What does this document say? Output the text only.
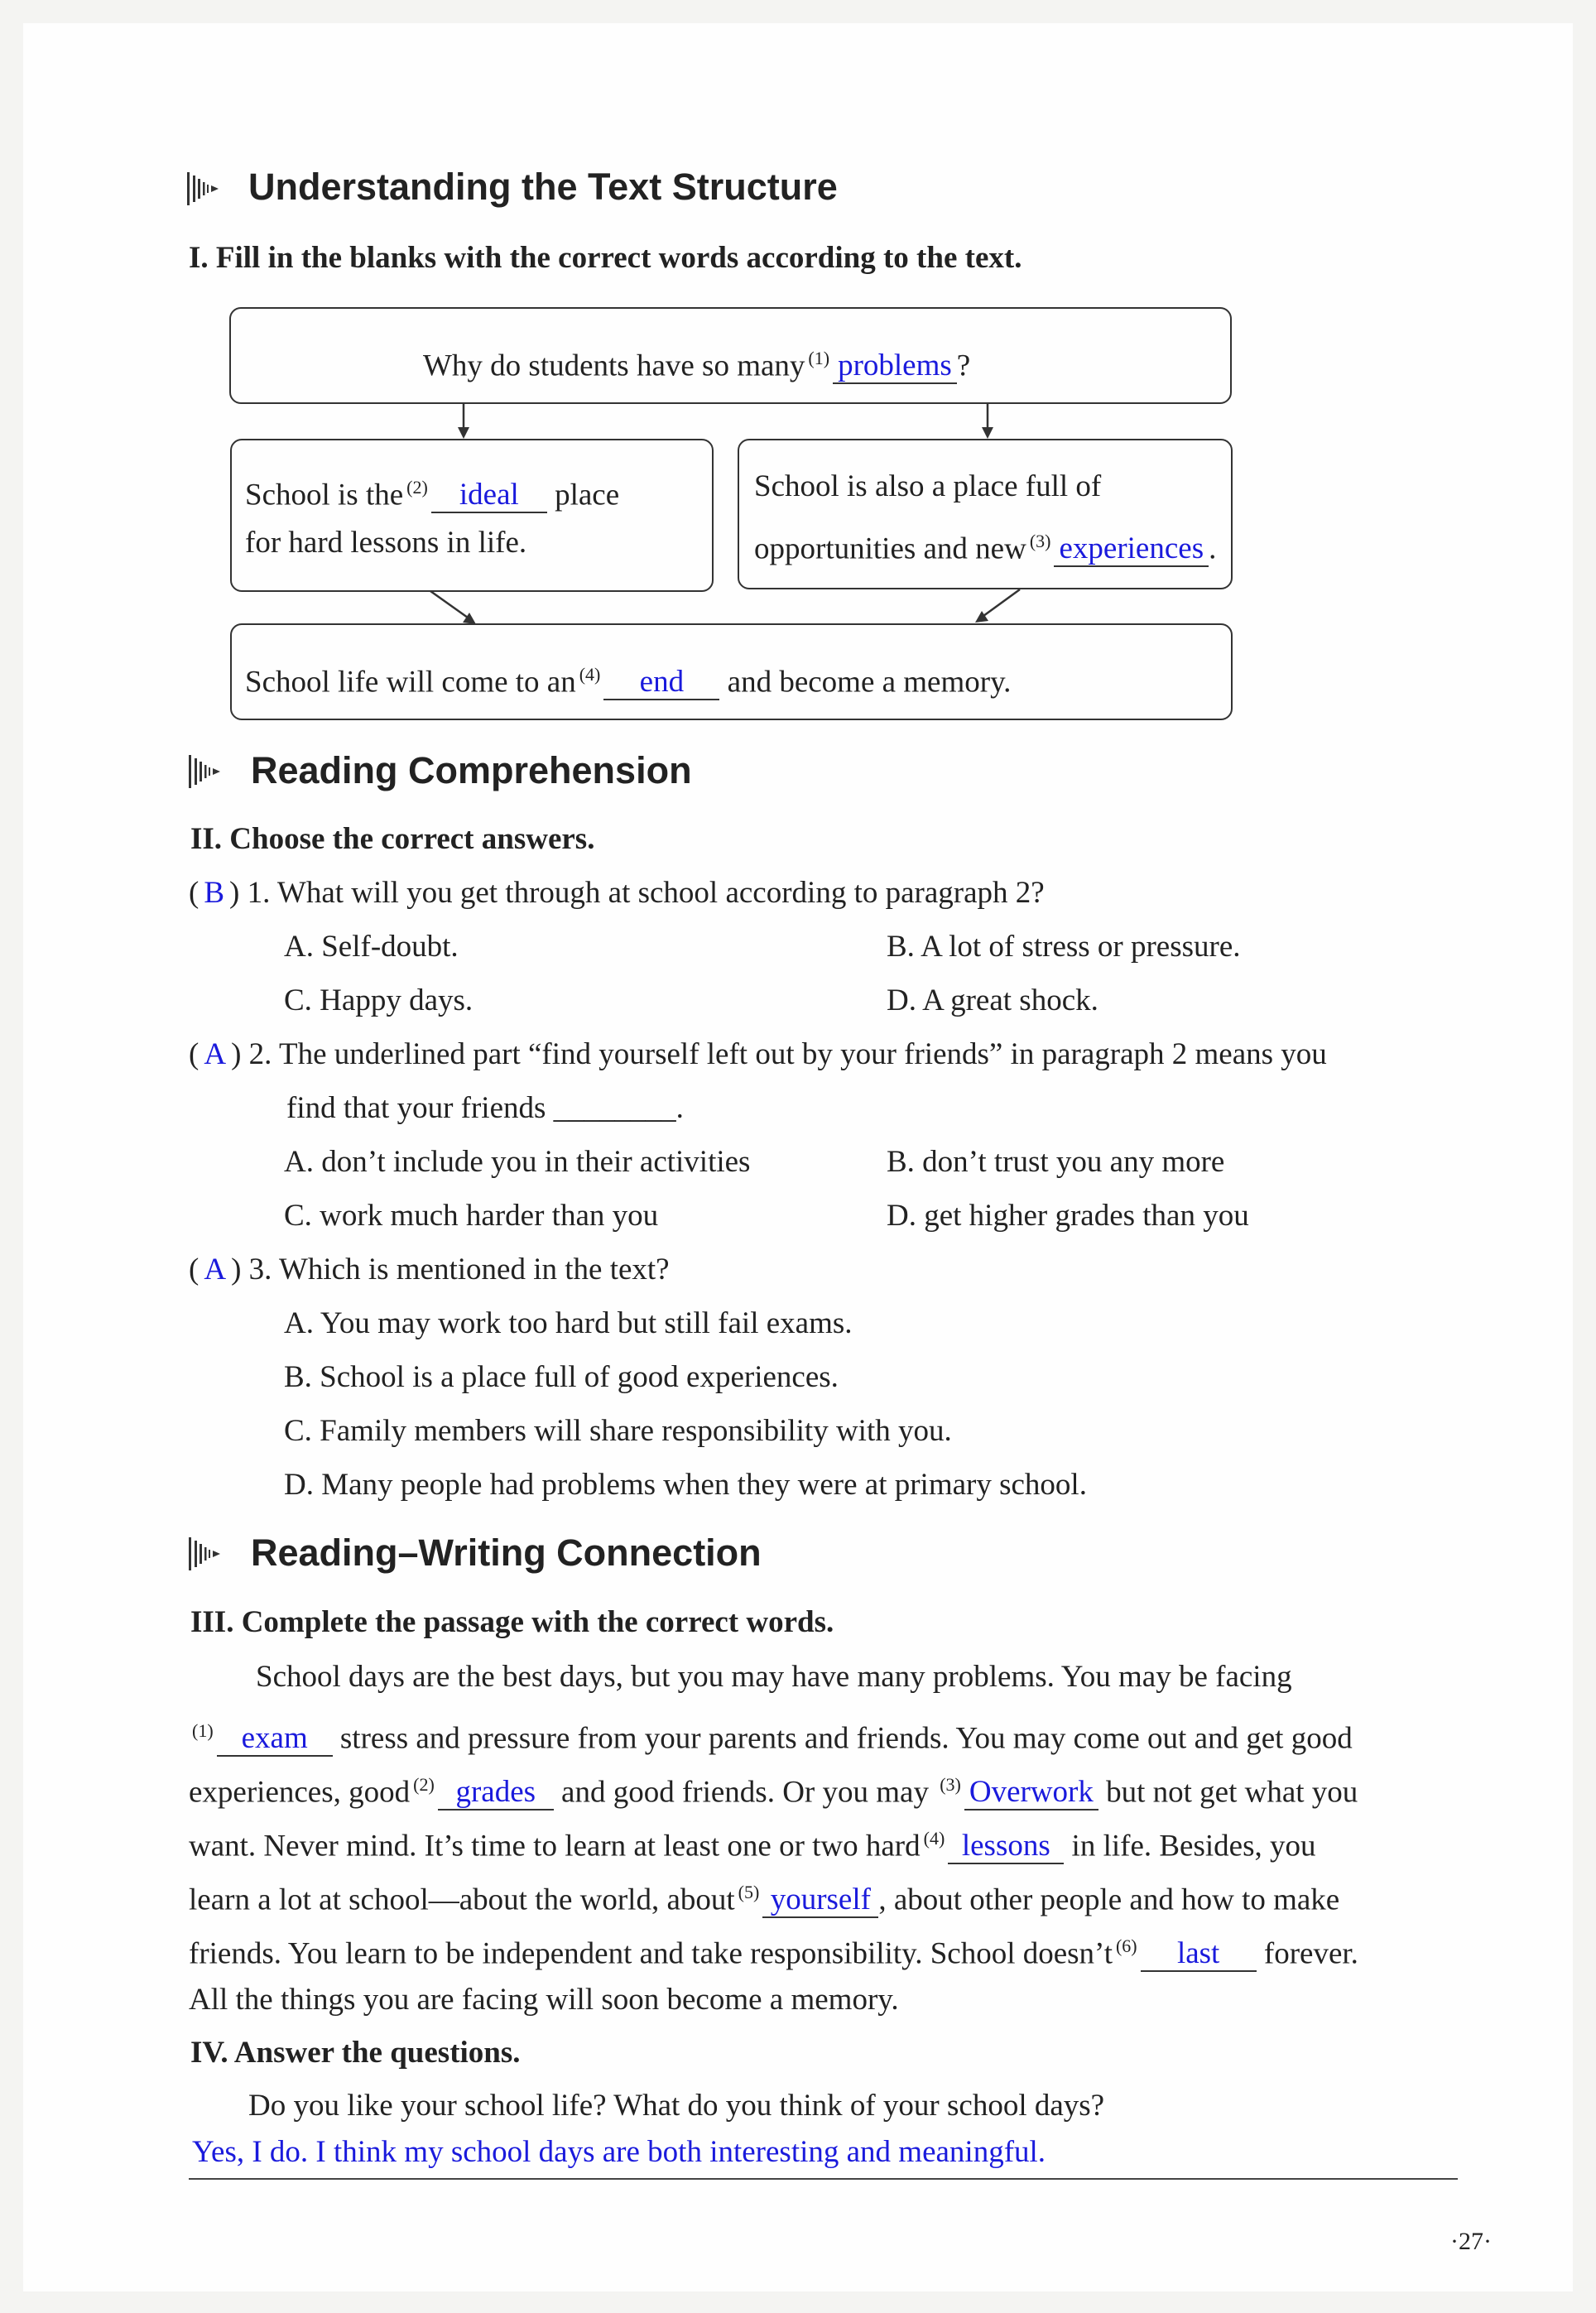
Understanding the Text Structure
I. Fill in the blanks with the correct words according to the text.
Why do students have so many $^{(1)}$ problems ?
School is the $^{(2)}$ ideal place
for hard lessons in life.
School is also a place full of
opportunities and new $^{(3)}$ experiences .
School life will come to an $^{(4)}$ end and become a memory.
Reading Comprehension
II. Choose the correct answers.
( B ) 1. What will you get through at school according to paragraph 2?
A. Self-doubt.	B. A lot of stress or pressure.
C. Happy days.	D. A great shock.
( A ) 2. The underlined part “find yourself left out by your friends” in paragraph 2 means you
find that your friends ________.
A. don’t include you in their activities	B. don’t trust you any more
C. work much harder than you	D. get higher grades than you
( A ) 3. Which is mentioned in the text?
A. You may work too hard but still fail exams.
B. School is a place full of good experiences.
C. Family members will share responsibility with you.
D. Many people had problems when they were at primary school.
Reading–Writing Connection
III. Complete the passage with the correct words.
School days are the best days, but you may have many problems. You may be facing
$^{(1)}$ exam stress and pressure from your parents and friends. You may come out and get good
experiences, good $^{(2)}$ grades and good friends. Or you may $^{(3)}$ Overwork but not get what you
want. Never mind. It’s time to learn at least one or two hard $^{(4)}$ lessons in life. Besides, you
learn a lot at school—about the world, about $^{(5)}$ yourself , about other people and how to make
friends. You learn to be independent and take responsibility. School doesn’t $^{(6)}$ last forever.
All the things you are facing will soon become a memory.
IV. Answer the questions.
Do you like your school life? What do you think of your school days?
Yes, I do. I think my school days are both interesting and meaningful.
·27·
